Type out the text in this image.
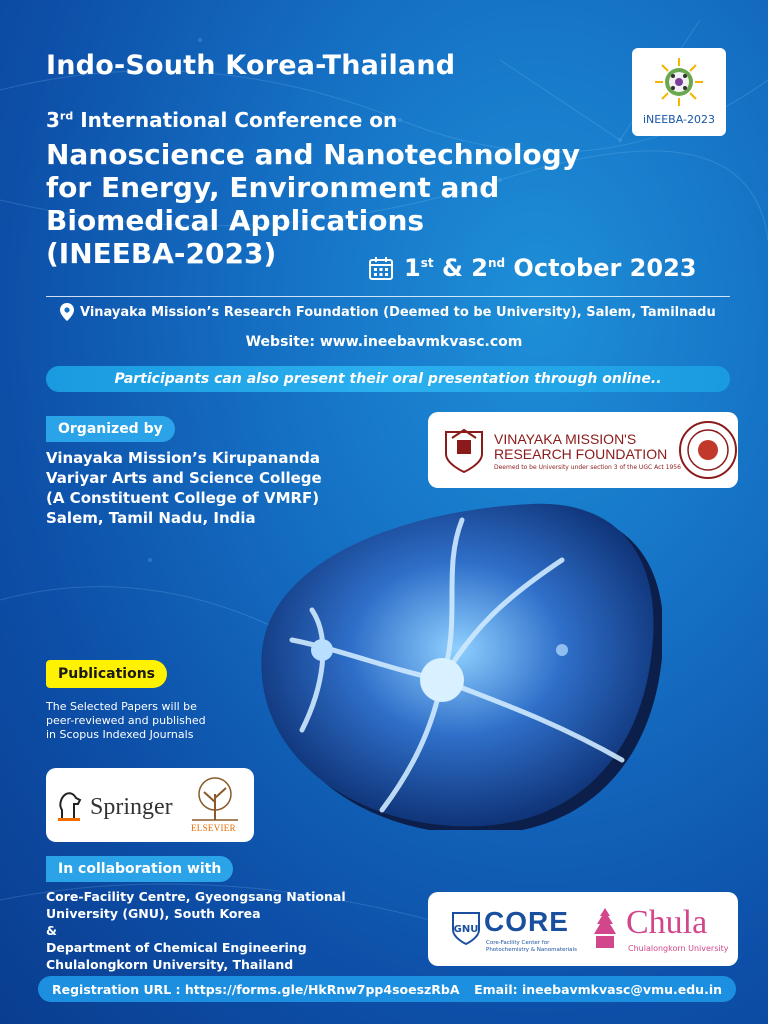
Indo-South Korea-Thailand
3rd International Conference on
Nanoscience and Nanotechnology
for Energy, Environment and
Biomedical Applications
(INEEBA-2023)
iNEEBA-2023
1st & 2nd October 2023
Vinayaka Mission’s Research Foundation (Deemed to be University), Salem, Tamilnadu
Website: www.ineebavmkvasc.com
Participants can also present their oral presentation through online..
Organized by
Vinayaka Mission’s Kirupananda
Variyar Arts and Science College
(A Constituent College of VMRF)
Salem, Tamil Nadu, India
VINAYAKA MISSION'S
RESEARCH FOUNDATION
Deemed to be University under section 3 of the UGC Act 1956
Publications
The Selected Papers will be peer-reviewed and published in Scopus Indexed Journals
Springer
ELSEVIER
In collaboration with
Core-Facility Centre, Gyeongsang National
University (GNU), South Korea
&
Department of Chemical Engineering
Chulalongkorn University, Thailand
GNU CORE
Core-Facility Center for
Photochemistry & Nanomaterials
Chula
Chulalongkorn University
Registration URL : https://forms.gle/HkRnw7pp4soeszRbA Email: ineebavmkvasc@vmu.edu.in
